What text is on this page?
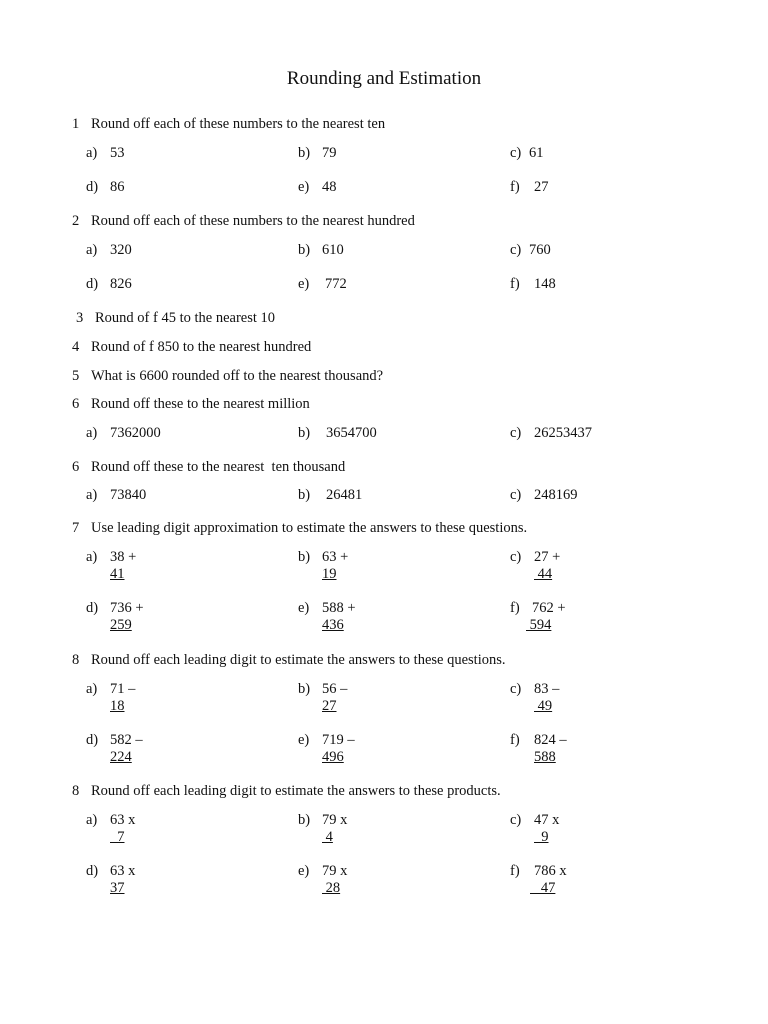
Rounding and Estimation
1 Round off each of these numbers to the nearest ten
a) 53	b) 79	c) 61
d) 86	e) 48	f) 27
2 Round off each of these numbers to the nearest hundred
a) 320	b) 610	c) 760
d) 826	e) 772	f) 148
3 Round of f 45 to the nearest 10
4 Round of f 850 to the nearest hundred
5 What is 6600 rounded off to the nearest thousand?
6 Round off these to the nearest million
a) 7362000	b) 3654700	c) 26253437
6 Round off these to the nearest  ten thousand
a) 73840	b) 26481	c) 248169
7 Use leading digit approximation to estimate the answers to these questions.
a) 38 +
41
b) 63 +
19
c) 27 +
44
d) 736 +
259
e) 588 +
436
f) 762 +
594
8 Round off each leading digit to estimate the answers to these questions.
a) 71 –
18
b) 56 –
27
c) 83 –
49
d) 582 –
224
e) 719 –
496
f) 824 –
588
8 Round off each leading digit to estimate the answers to these products.
a) 63 x
7
b) 79 x
4
c) 47 x
9
d) 63 x
37
e) 79 x
28
f) 786 x
47
